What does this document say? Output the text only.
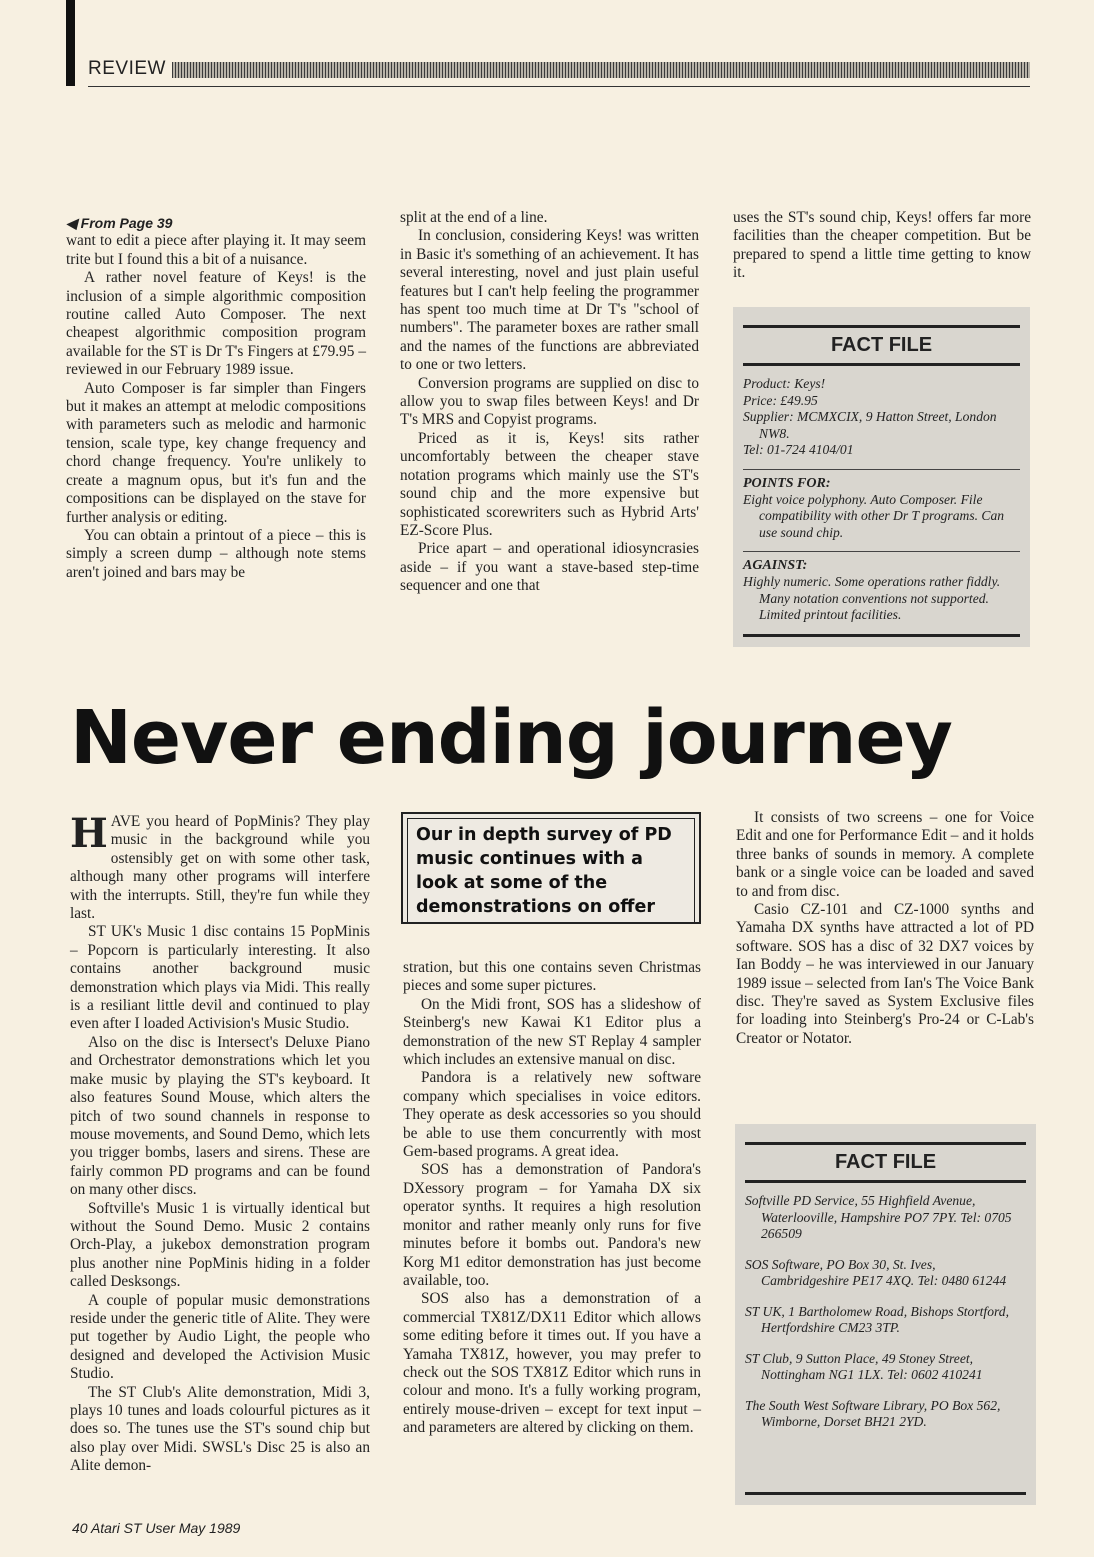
REVIEW

◀ From Page 39

want to edit a piece after playing it. It may seem trite but I found this a bit of a nuisance.

A rather novel feature of Keys! is the inclusion of a simple algorithmic composition routine called Auto Composer. The next cheapest algorithmic composition program available for the ST is Dr T's Fingers at £79.95 – reviewed in our February 1989 issue.

Auto Composer is far simpler than Fingers but it makes an attempt at melodic compositions with parameters such as melodic and harmonic tension, scale type, key change frequency and chord change frequency. You're unlikely to create a magnum opus, but it's fun and the compositions can be displayed on the stave for further analysis or editing.

You can obtain a printout of a piece – this is simply a screen dump – although note stems aren't joined and bars may be

split at the end of a line.

In conclusion, considering Keys! was written in Basic it's something of an achievement. It has several interesting, novel and just plain useful features but I can't help feeling the programmer has spent too much time at Dr T's "school of numbers". The parameter boxes are rather small and the names of the functions are abbreviated to one or two letters.

Conversion programs are supplied on disc to allow you to swap files between Keys! and Dr T's MRS and Copyist programs.

Priced as it is, Keys! sits rather uncomfortably between the cheaper stave notation programs which mainly use the ST's sound chip and the more expensive but sophisticated scorewriters such as Hybrid Arts' EZ-Score Plus.

Price apart – and operational idiosyncrasies aside – if you want a stave-based step-time sequencer and one that

uses the ST's sound chip, Keys! offers far more facilities than the cheaper competition. But be prepared to spend a little time getting to know it.

FACT FILE
Product: Keys!
Price: £49.95
Supplier: MCMXCIX, 9 Hatton Street, London NW8.
Tel: 01-724 4104/01
POINTS FOR:
Eight voice polyphony. Auto Composer. File compatibility with other Dr T programs. Can use sound chip.
AGAINST:
Highly numeric. Some operations rather fiddly. Many notation conventions not supported. Limited printout facilities.
Never ending journey
Our in depth survey of PD music continues with a look at some of the demonstrations on offer

HAVE you heard of PopMinis? They play music in the background while you ostensibly get on with some other task, although many other programs will interfere with the interrupts. Still, they're fun while they last.

ST UK's Music 1 disc contains 15 PopMinis – Popcorn is particularly interesting. It also contains another background music demonstration which plays via Midi. This really is a resiliant little devil and continued to play even after I loaded Activision's Music Studio.

Also on the disc is Intersect's Deluxe Piano and Orchestrator demonstrations which let you make music by playing the ST's keyboard. It also features Sound Mouse, which alters the pitch of two sound channels in response to mouse movements, and Sound Demo, which lets you trigger bombs, lasers and sirens. These are fairly common PD programs and can be found on many other discs.

Softville's Music 1 is virtually identical but without the Sound Demo. Music 2 contains Orch-Play, a jukebox demonstration program plus another nine PopMinis hiding in a folder called Desksongs.

A couple of popular music demonstrations reside under the generic title of Alite. They were put together by Audio Light, the people who designed and developed the Activision Music Studio.

The ST Club's Alite demonstration, Midi 3, plays 10 tunes and loads colourful pictures as it does so. The tunes use the ST's sound chip but also play over Midi. SWSL's Disc 25 is also an Alite demon-

stration, but this one contains seven Christmas pieces and some super pictures.

On the Midi front, SOS has a slideshow of Steinberg's new Kawai K1 Editor plus a demonstration of the new ST Replay 4 sampler which includes an extensive manual on disc.

Pandora is a relatively new software company which specialises in voice editors. They operate as desk accessories so you should be able to use them concurrently with most Gem-based programs. A great idea.

SOS has a demonstration of Pandora's DXessory program – for Yamaha DX six operator synths. It requires a high resolution monitor and rather meanly only runs for five minutes before it bombs out. Pandora's new Korg M1 editor demonstration has just become available, too.

SOS also has a demonstration of a commercial TX81Z/DX11 Editor which allows some editing before it times out. If you have a Yamaha TX81Z, however, you may prefer to check out the SOS TX81Z Editor which runs in colour and mono. It's a fully working program, entirely mouse-driven – except for text input – and parameters are altered by clicking on them.

It consists of two screens – one for Voice Edit and one for Performance Edit – and it holds three banks of sounds in memory. A complete bank or a single voice can be loaded and saved to and from disc.

Casio CZ-101 and CZ-1000 synths and Yamaha DX synths have attracted a lot of PD software. SOS has a disc of 32 DX7 voices by Ian Boddy – he was interviewed in our January 1989 issue – selected from Ian's The Voice Bank disc. They're saved as System Exclusive files for loading into Steinberg's Pro-24 or C-Lab's Creator or Notator.

FACT FILE
Softville PD Service, 55 Highfield Avenue, Waterlooville, Hampshire PO7 7PY. Tel: 0705 266509
SOS Software, PO Box 30, St. Ives, Cambridgeshire PE17 4XQ. Tel: 0480 61244
ST UK, 1 Bartholomew Road, Bishops Stortford, Hertfordshire CM23 3TP.
ST Club, 9 Sutton Place, 49 Stoney Street, Nottingham NG1 1LX. Tel: 0602 410241
The South West Software Library, PO Box 562, Wimborne, Dorset BH21 2YD.
40 Atari ST User May 1989
